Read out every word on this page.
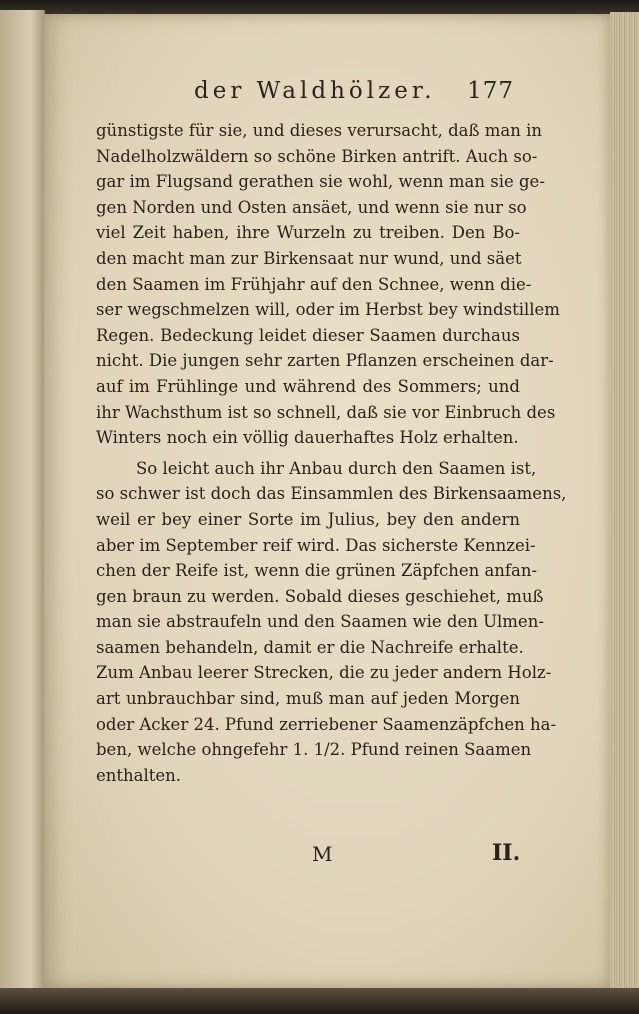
der Waldhölzer. 177
günstigste für sie, und dieses verursacht, daß man in
Nadelholzwäldern so schöne Birken antrift. Auch so-
gar im Flugsand gerathen sie wohl, wenn man sie ge-
gen Norden und Osten ansäet, und wenn sie nur so
viel Zeit haben, ihre Wurzeln zu treiben. Den Bo-
den macht man zur Birkensaat nur wund, und säet
den Saamen im Frühjahr auf den Schnee, wenn die-
ser wegschmelzen will, oder im Herbst bey windstillem
Regen. Bedeckung leidet dieser Saamen durchaus
nicht. Die jungen sehr zarten Pflanzen erscheinen dar-
auf im Frühlinge und während des Sommers; und
ihr Wachsthum ist so schnell, daß sie vor Einbruch des
Winters noch ein völlig dauerhaftes Holz erhalten.
So leicht auch ihr Anbau durch den Saamen ist,
so schwer ist doch das Einsammlen des Birkensaamens,
weil er bey einer Sorte im Julius, bey den andern
aber im September reif wird. Das sicherste Kennzei-
chen der Reife ist, wenn die grünen Zäpfchen anfan-
gen braun zu werden. Sobald dieses geschiehet, muß
man sie abstraufeln und den Saamen wie den Ulmen-
saamen behandeln, damit er die Nachreife erhalte.
Zum Anbau leerer Strecken, die zu jeder andern Holz-
art unbrauchbar sind, muß man auf jeden Morgen
oder Acker 24. Pfund zerriebener Saamenzäpfchen ha-
ben, welche ohngefehr 1. 1/2. Pfund reinen Saamen
enthalten.
M	II.
